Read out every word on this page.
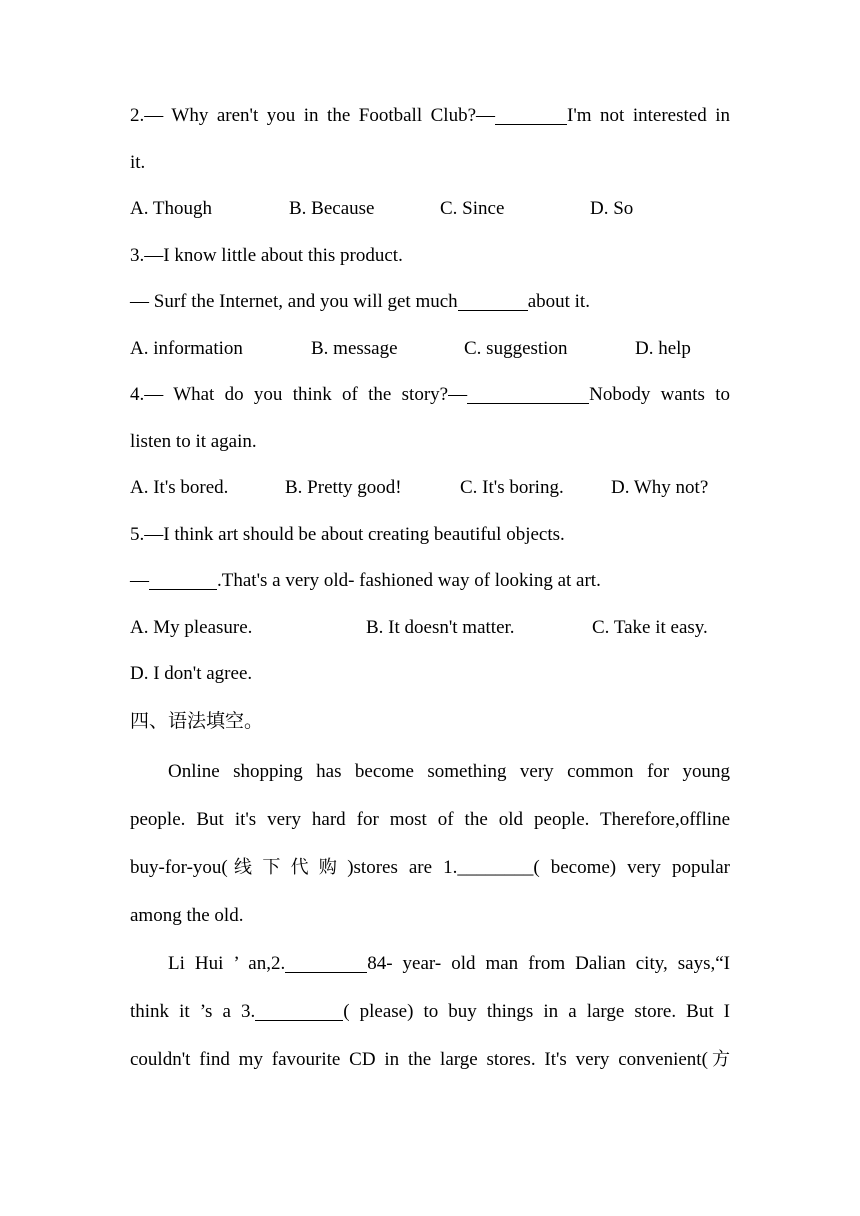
2.— Why aren't you in the Football Club?—	I'm not interested in
it.
A. Though	B. Because	C. Since	D. So
3.—I know little about this product.
— Surf the Internet, and you will get much	about it.
A. information	B. message	C. suggestion	D. help
4.— What do you think of the story?—	Nobody wants to
listen to it again.
A. It's bored.	B. Pretty good!	C. It's boring. D. Why not?
5.—I think art should be about creating beautiful objects.
—	.That's a very old- fashioned way of looking at art.
A. My pleasure.	B. It doesn't matter.	C. Take it easy.
D. I don't agree.
四、语法填空。
Online shopping has become something very common for young
people. But it's very hard for most of the old people. Therefore,offline
buy-for-you(线下代购)stores are 1.________( become) very popular
among the old.
Li Hui ’ an,2.	84- year- old man from Dalian city, says,“I
think it ’s a 3.	( please) to buy things in a large store. But I
couldn't find my favourite CD in the large stores. It's very convenient(方
